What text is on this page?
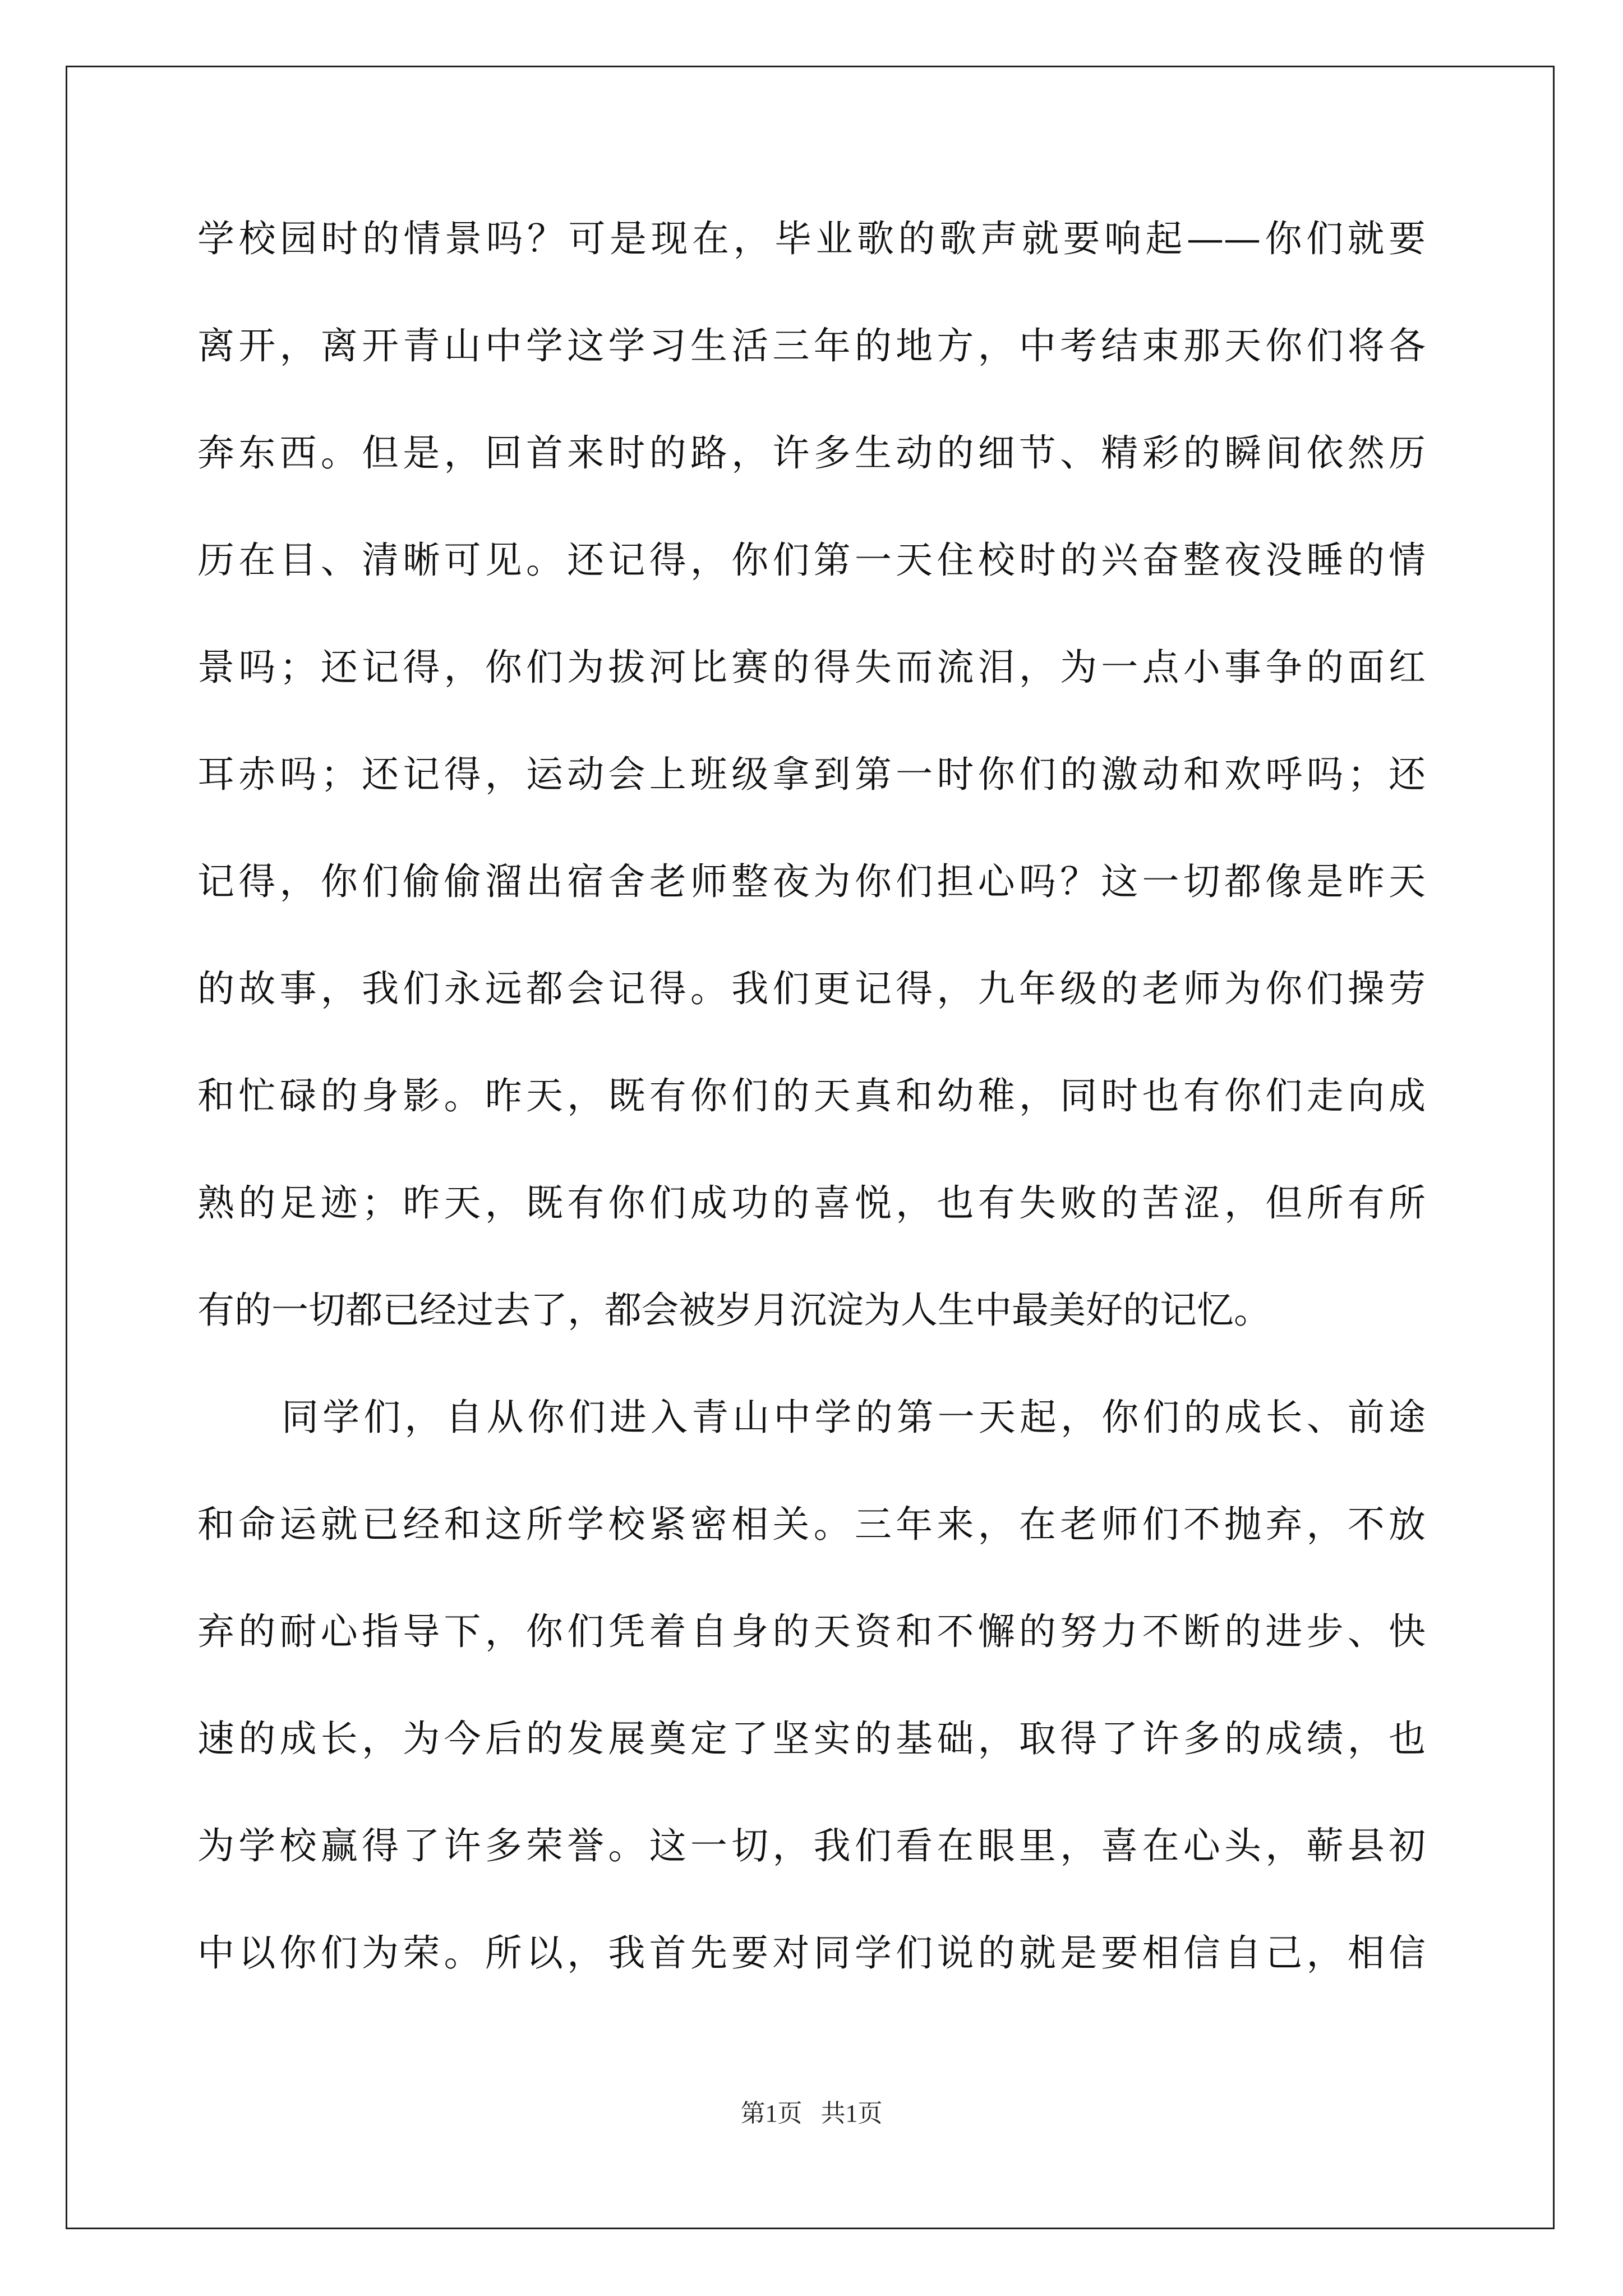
学校园时的情景吗？可是现在，毕业歌的歌声就要响起——你们就要
离开，离开青山中学这学习生活三年的地方，中考结束那天你们将各
奔东西。但是，回首来时的路，许多生动的细节、精彩的瞬间依然历
历在目、清晰可见。还记得，你们第一天住校时的兴奋整夜没睡的情
景吗；还记得，你们为拔河比赛的得失而流泪，为一点小事争的面红
耳赤吗；还记得，运动会上班级拿到第一时你们的激动和欢呼吗；还
记得，你们偷偷溜出宿舍老师整夜为你们担心吗？这一切都像是昨天
的故事，我们永远都会记得。我们更记得，九年级的老师为你们操劳
和忙碌的身影。昨天，既有你们的天真和幼稚，同时也有你们走向成
熟的足迹；昨天，既有你们成功的喜悦，也有失败的苦涩，但所有所
有的一切都已经过去了，都会被岁月沉淀为人生中最美好的记忆。
同学们，自从你们进入青山中学的第一天起，你们的成长、前途
和命运就已经和这所学校紧密相关。三年来，在老师们不抛弃，不放
弃的耐心指导下，你们凭着自身的天资和不懈的努力不断的进步、快
速的成长，为今后的发展奠定了坚实的基础，取得了许多的成绩，也
为学校赢得了许多荣誉。这一切，我们看在眼里，喜在心头，蕲县初
中以你们为荣。所以，我首先要对同学们说的就是要相信自己，相信
第1页   共1页
